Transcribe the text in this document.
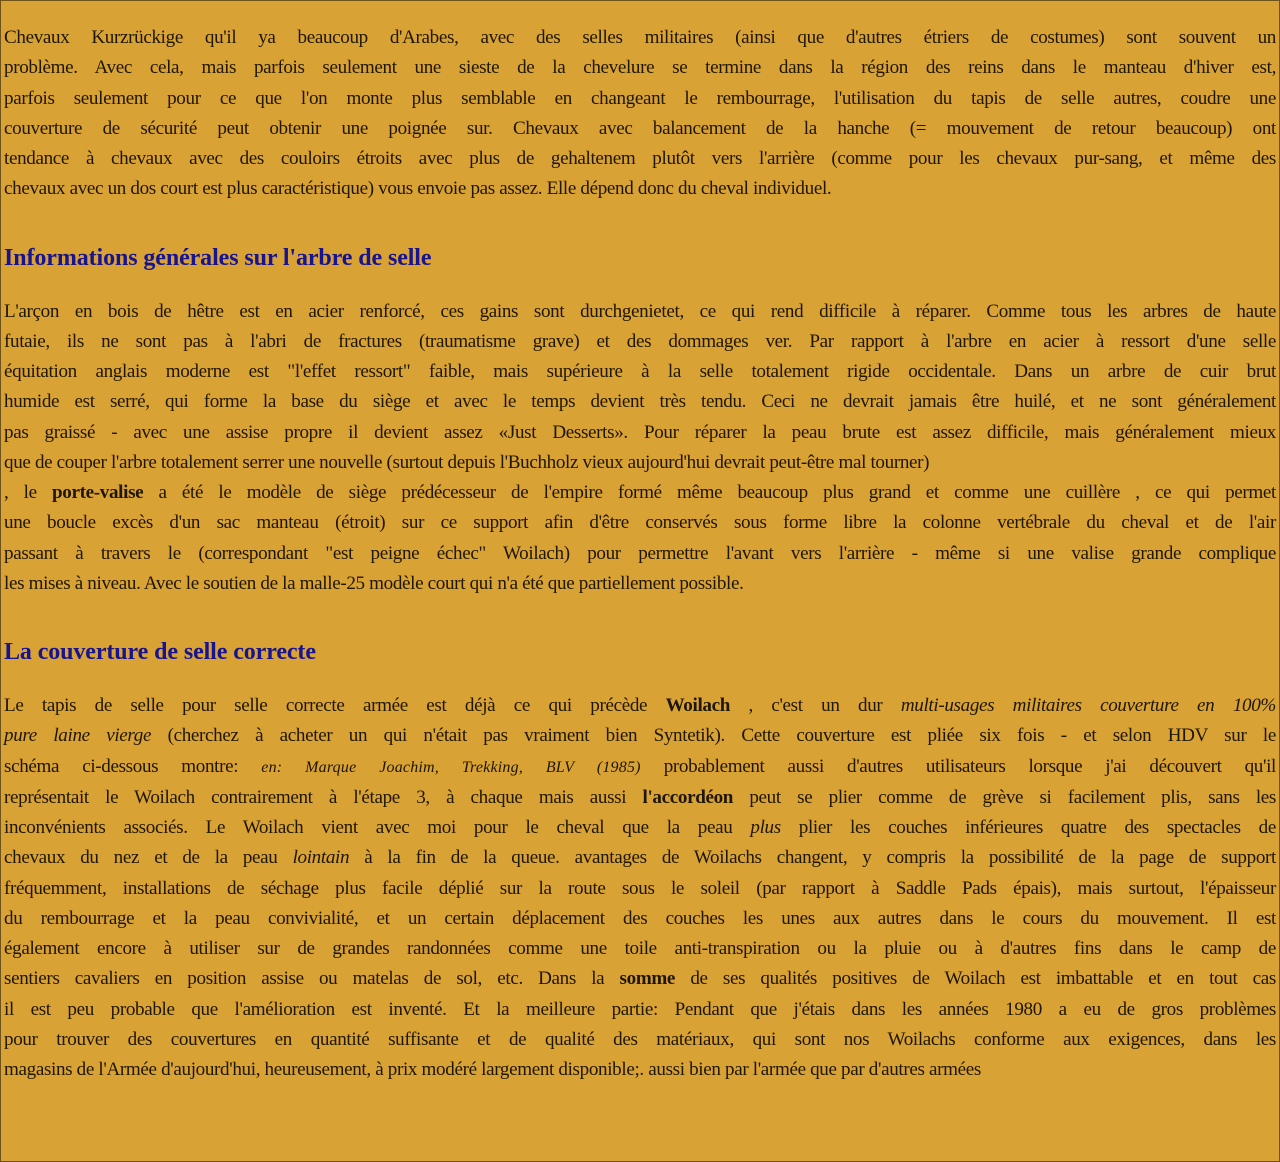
Chevaux Kurzrückige qu'il ya beaucoup d'Arabes, avec des selles militaires (ainsi que d'autres étriers de costumes) sont souvent un
problème. Avec cela, mais parfois seulement une sieste de la chevelure se termine dans la région des reins dans le manteau d'hiver est,
parfois seulement pour ce que l'on monte plus semblable en changeant le rembourrage, l'utilisation du tapis de selle autres, coudre une
couverture de sécurité peut obtenir une poignée sur. Chevaux avec balancement de la hanche (= mouvement de retour beaucoup) ont
tendance à chevaux avec des couloirs étroits avec plus de gehaltenem plutôt vers l'arrière (comme pour les chevaux pur-sang, et même des
chevaux avec un dos court est plus caractéristique) vous envoie pas assez. Elle dépend donc du cheval individuel.

Informations générales sur l'arbre de selle

L'arçon en bois de hêtre est en acier renforcé, ces gains sont durchgenietet, ce qui rend difficile à réparer. Comme tous les arbres de haute
futaie, ils ne sont pas à l'abri de fractures (traumatisme grave) et des dommages ver. Par rapport à l'arbre en acier à ressort d'une selle
équitation anglais moderne est "l'effet ressort" faible, mais supérieure à la selle totalement rigide occidentale. Dans un arbre de cuir brut
humide est serré, qui forme la base du siège et avec le temps devient très tendu. Ceci ne devrait jamais être huilé, et ne sont généralement
pas graissé - avec une assise propre il devient assez «Just Desserts». Pour réparer la peau brute est assez difficile, mais généralement mieux
que de couper l'arbre totalement serrer une nouvelle (surtout depuis l'Buchholz vieux aujourd'hui devrait peut-être mal tourner)
, le porte-valise a été le modèle de siège prédécesseur de l'empire formé même beaucoup plus grand et comme une cuillère , ce qui permet
une boucle excès d'un sac manteau (étroit) sur ce support afin d'être conservés sous forme libre la colonne vertébrale du cheval et de l'air
passant à travers le (correspondant "est peigne échec" Woilach) pour permettre l'avant vers l'arrière - même si une valise grande complique
les mises à niveau. Avec le soutien de la malle-25 modèle court qui n'a été que partiellement possible.

La couverture de selle correcte

Le tapis de selle pour selle correcte armée est déjà ce qui précède Woilach , c'est un dur multi-usages militaires couverture en 100%
pure laine vierge (cherchez à acheter un qui n'était pas vraiment bien Syntetik). Cette couverture est pliée six fois - et selon HDV sur le
schéma ci-dessous montre: en: Marque Joachim, Trekking, BLV (1985) probablement aussi d'autres utilisateurs lorsque j'ai découvert qu'il
représentait le Woilach contrairement à l'étape 3, à chaque mais aussi l'accordéon peut se plier comme de grève si facilement plis, sans les
inconvénients associés. Le Woilach vient avec moi pour le cheval que la peau plus plier les couches inférieures quatre des spectacles de
chevaux du nez et de la peau lointain à la fin de la queue. avantages de Woilachs changent, y compris la possibilité de la page de support
fréquemment, installations de séchage plus facile déplié sur la route sous le soleil (par rapport à Saddle Pads épais), mais surtout, l'épaisseur
du rembourrage et la peau convivialité, et un certain déplacement des couches les unes aux autres dans le cours du mouvement. Il est
également encore à utiliser sur de grandes randonnées comme une toile anti-transpiration ou la pluie ou à d'autres fins dans le camp de
sentiers cavaliers en position assise ou matelas de sol, etc. Dans la somme de ses qualités positives de Woilach est imbattable et en tout cas
il est peu probable que l'amélioration est inventé. Et la meilleure partie: Pendant que j'étais dans les années 1980 a eu de gros problèmes
pour trouver des couvertures en quantité suffisante et de qualité des matériaux, qui sont nos Woilachs conforme aux exigences, dans les
magasins de l'Armée d'aujourd'hui, heureusement, à prix modéré largement disponible;. aussi bien par l'armée que par d'autres armées
